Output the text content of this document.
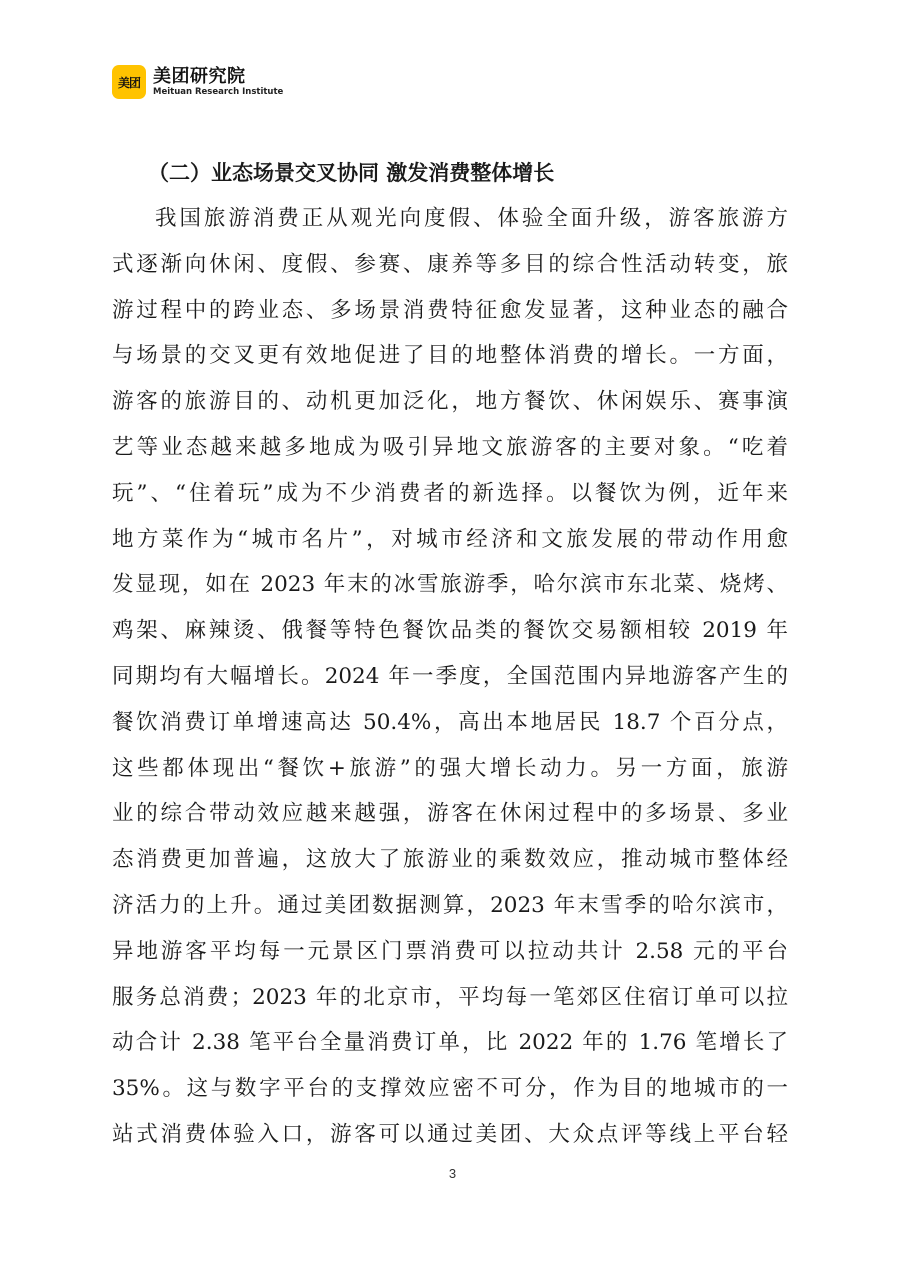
美团 美团研究院
Meituan Research Institute
（二）业态场景交叉协同 激发消费整体增长
我国旅游消费正从观光向度假、体验全面升级，游客旅游方
式逐渐向休闲、度假、参赛、康养等多目的综合性活动转变，旅
游过程中的跨业态、多场景消费特征愈发显著，这种业态的融合
与场景的交叉更有效地促进了目的地整体消费的增长。一方面，
游客的旅游目的、动机更加泛化，地方餐饮、休闲娱乐、赛事演
艺等业态越来越多地成为吸引异地文旅游客的主要对象。“吃着
玩”、“住着玩”成为不少消费者的新选择。以餐饮为例，近年来
地方菜作为“城市名片”，对城市经济和文旅发展的带动作用愈
发显现，如在 2023 年末的冰雪旅游季，哈尔滨市东北菜、烧烤、
鸡架、麻辣烫、俄餐等特色餐饮品类的餐饮交易额相较 2019 年
同期均有大幅增长。2024 年一季度，全国范围内异地游客产生的
餐饮消费订单增速高达 50.4%，高出本地居民 18.7 个百分点，
这些都体现出“餐饮+旅游”的强大增长动力。另一方面，旅游
业的综合带动效应越来越强，游客在休闲过程中的多场景、多业
态消费更加普遍，这放大了旅游业的乘数效应，推动城市整体经
济活力的上升。通过美团数据测算，2023 年末雪季的哈尔滨市，
异地游客平均每一元景区门票消费可以拉动共计 2.58 元的平台
服务总消费；2023 年的北京市，平均每一笔郊区住宿订单可以拉
动合计 2.38 笔平台全量消费订单，比 2022 年的 1.76 笔增长了
35%。这与数字平台的支撑效应密不可分，作为目的地城市的一
站式消费体验入口，游客可以通过美团、大众点评等线上平台轻
3
